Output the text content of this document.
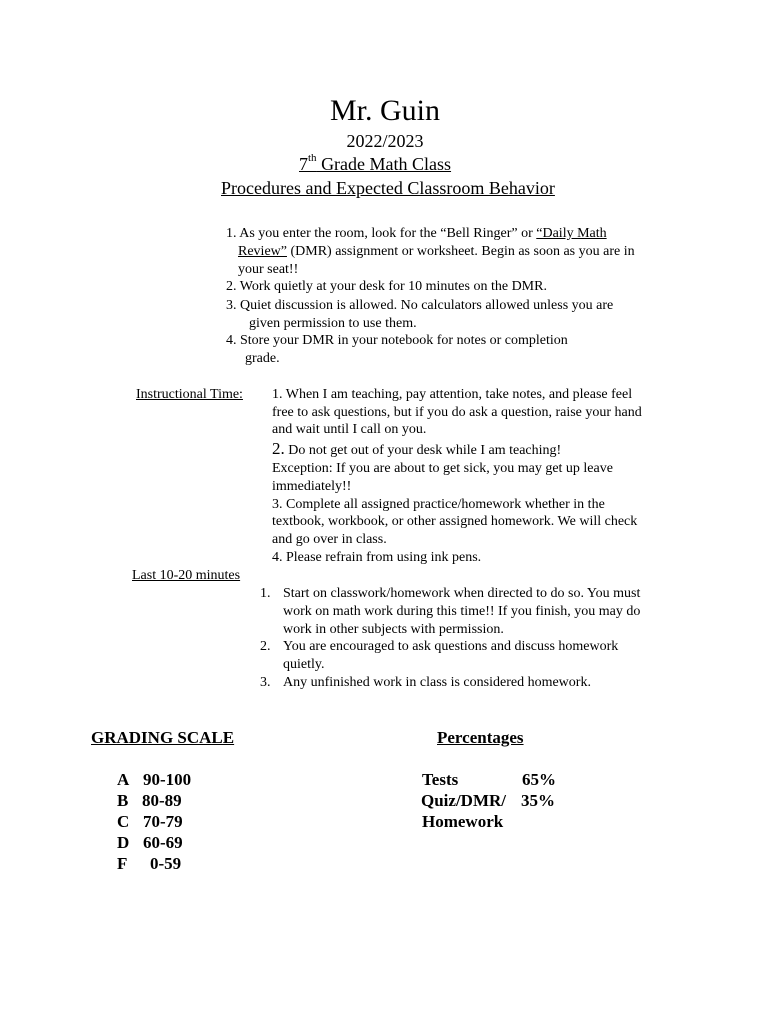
Mr. Guin
2022/2023
7th Grade Math Class
Procedures and Expected Classroom Behavior
1. As you enter the room, look for the “Bell Ringer” or “Daily Math
Review” (DMR) assignment or worksheet. Begin as soon as you are in
your seat!!
2. Work quietly at your desk for 10 minutes on the DMR.
3. Quiet discussion is allowed. No calculators allowed unless you are
given permission to use them.
4. Store your DMR in your notebook for notes or completion
grade.
Instructional Time: 1. When I am teaching, pay attention, take notes, and please feel
free to ask questions, but if you do ask a question, raise your hand
and wait until I call on you.
2. Do not get out of your desk while I am teaching!
Exception: If you are about to get sick, you may get up leave
immediately!!
3. Complete all assigned practice/homework whether in the
textbook, workbook, or other assigned homework. We will check
and go over in class.
4. Please refrain from using ink pens.
Last 10-20 minutes
1. Start on classwork/homework when directed to do so. You must
work on math work during this time!! If you finish, you may do
work in other subjects with permission.
2. You are encouraged to ask questions and discuss homework
quietly.
3. Any unfinished work in class is considered homework.
GRADING SCALE
A 90-100
B 80-89
C 70-79
D 60-69
F 0-59
Percentages
Tests	65%
Quiz/DMR/ 35%
Homework
